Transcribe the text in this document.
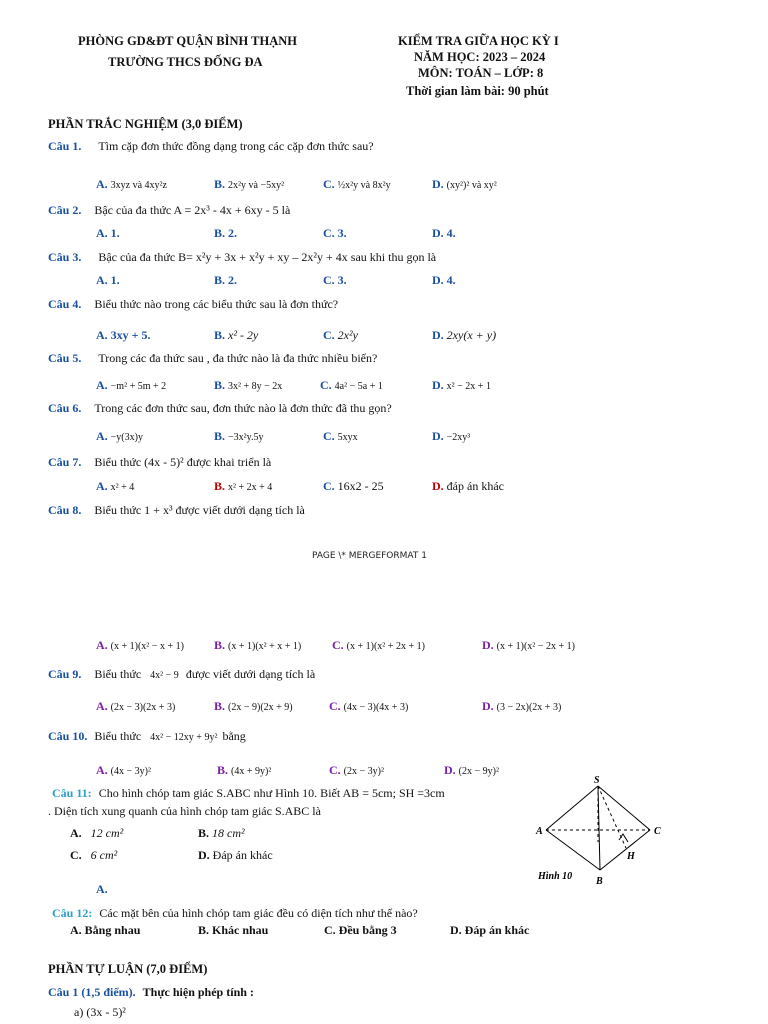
PHÒNG GD&ĐT QUẬN BÌNH THẠNH
TRƯỜNG THCS ĐỐNG ĐA
KIỂM TRA GIỮA HỌC KỲ I
NĂM HỌC: 2023 – 2024
MÔN: TOÁN – LỚP: 8
Thời gian làm bài: 90 phút
PHẦN TRẮC NGHIỆM (3,0 ĐIỂM)
Câu 1. Tìm cặp đơn thức đồng dạng trong các cặp đơn thức sau?
A. 3xyz và 4xy²z	B. 2x²y và −5xy²	C. ½x²y và 8x²y	D. (xy²)² và xy²
Câu 2. Bậc của đa thức A = 2x³ - 4x + 6xy - 5 là
A. 1.	B. 2.	C. 3.	D. 4.
Câu 3. Bậc của đa thức B= x²y + 3x + x²y + xy – 2x²y + 4x sau khi thu gọn là
A. 1.	B. 2.	C. 3.	D. 4.
Câu 4. Biểu thức nào trong các biểu thức sau là đơn thức?
A. 3xy + 5.	B. x² - 2y	C. 2x²y	D. 2xy(x + y)
Câu 5. Trong các đa thức sau , đa thức nào là đa thức nhiều biến?
A. −m² + 5m + 2	B. 3x² + 8y − 2x	C. 4a² − 5a + 1	D. x² − 2x + 1
Câu 6. Trong các đơn thức sau, đơn thức nào là đơn thức đã thu gọn?
A. −y(3x)y	B. −3x²y.5y	C. 5xyx	D. −2xy³
Câu 7. Biểu thức (4x - 5)² được khai triển là
A. x² + 4	B. x² + 2x + 4	C. 16x2 - 25	D. đáp án khác
Câu 8. Biểu thức 1 + x³ được viết dưới dạng tích là
PAGE \* MERGEFORMAT 1
A. (x + 1)(x² − x + 1)	B. (x + 1)(x² + x + 1)	C. (x + 1)(x² + 2x + 1)	D. (x + 1)(x² − 2x + 1)
Câu 9. Biểu thức 4x² − 9 được viết dưới dạng tích là
A. (2x − 3)(2x + 3)	B. (2x − 9)(2x + 9)	C. (4x − 3)(4x + 3)	D. (3 − 2x)(2x + 3)
Câu 10. Biểu thức 4x² − 12xy + 9y² bằng
A. (4x − 3y)²	B. (4x + 9y)²	C. (2x − 3y)²	D. (2x − 9y)²
Câu 11: Cho hình chóp tam giác S.ABC như Hình 10. Biết AB = 5cm; SH =3cm
. Diện tích xung quanh của hình chóp tam giác S.ABC là
A. 12 cm²	B. 18 cm²
C. 6 cm²	D. Đáp án khác
A.
S
A	C
H
B
Hình 10
Câu 12: Các mặt bên của hình chóp tam giác đều có diện tích như thế nào?
A. Bằng nhau	B. Khác nhau	C. Đều bằng 3	D. Đáp án khác
PHẦN TỰ LUẬN (7,0 ĐIỂM)
Câu 1 (1,5 điểm). Thực hiện phép tính :
a) (3x - 5)²
